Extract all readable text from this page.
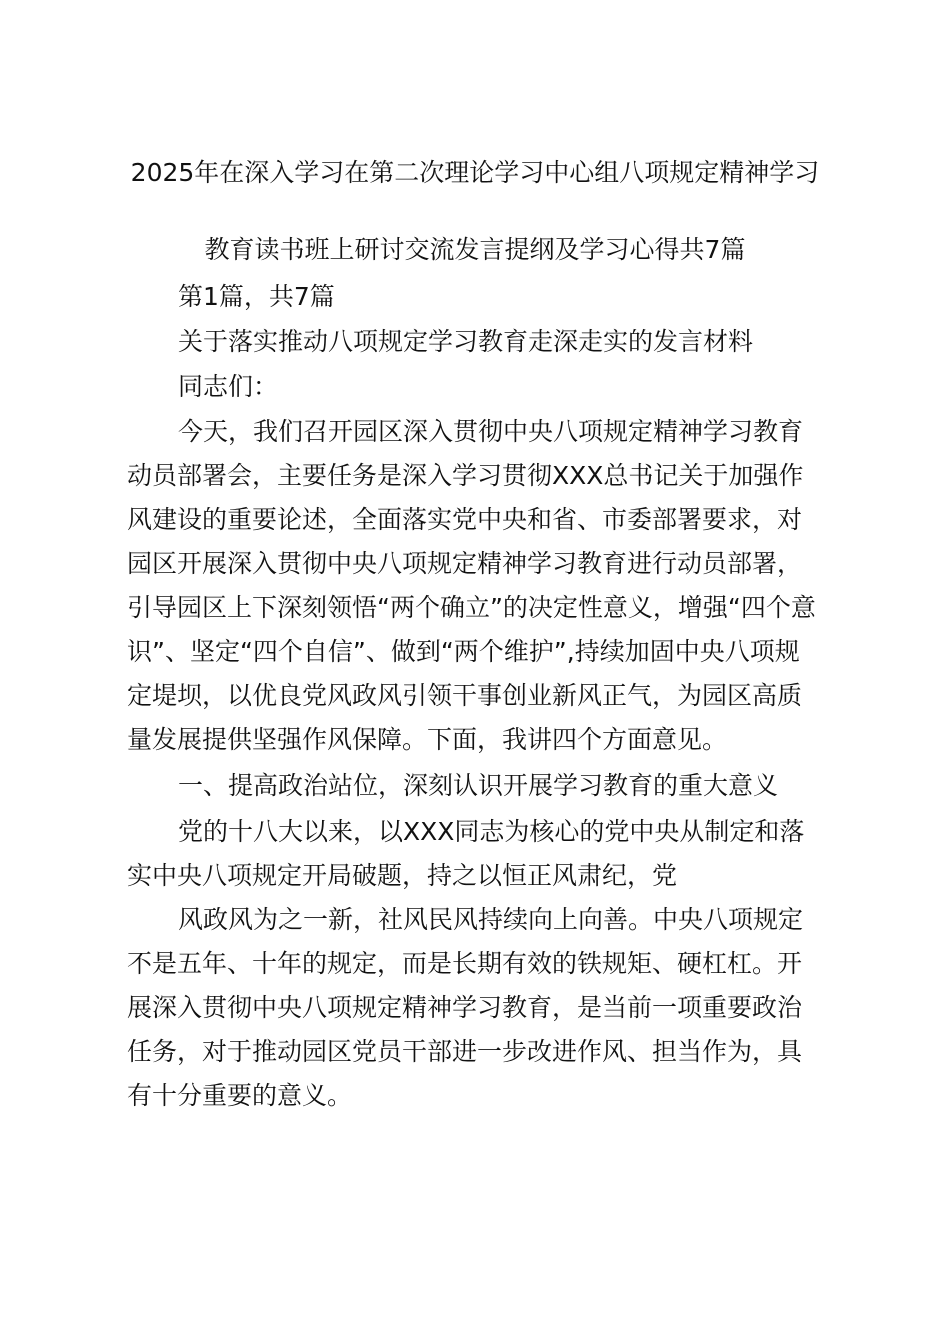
2025年在深入学习在第二次理论学习中心组八项规定精神学习
教育读书班上研讨交流发言提纲及学习心得共7篇
第1篇，共7篇
关于落实推动八项规定学习教育走深走实的发言材料
同志们：
今天，我们召开园区深入贯彻中央八项规定精神学习教育
动员部署会，主要任务是深入学习贯彻XXX总书记关于加强作
风建设的重要论述，全面落实党中央和省、市委部署要求，对
园区开展深入贯彻中央八项规定精神学习教育进行动员部署，
引导园区上下深刻领悟“两个确立”的决定性意义，增强“四个意
识”、坚定“四个自信”、做到“两个维护”,持续加固中央八项规
定堤坝，以优良党风政风引领干事创业新风正气，为园区高质
量发展提供坚强作风保障。下面，我讲四个方面意见。
一、提高政治站位，深刻认识开展学习教育的重大意义
党的十八大以来，以XXX同志为核心的党中央从制定和落
实中央八项规定开局破题，持之以恒正风肃纪，党
风政风为之一新，社风民风持续向上向善。中央八项规定
不是五年、十年的规定，而是长期有效的铁规矩、硬杠杠。开
展深入贯彻中央八项规定精神学习教育，是当前一项重要政治
任务，对于推动园区党员干部进一步改进作风、担当作为，具
有十分重要的意义。
